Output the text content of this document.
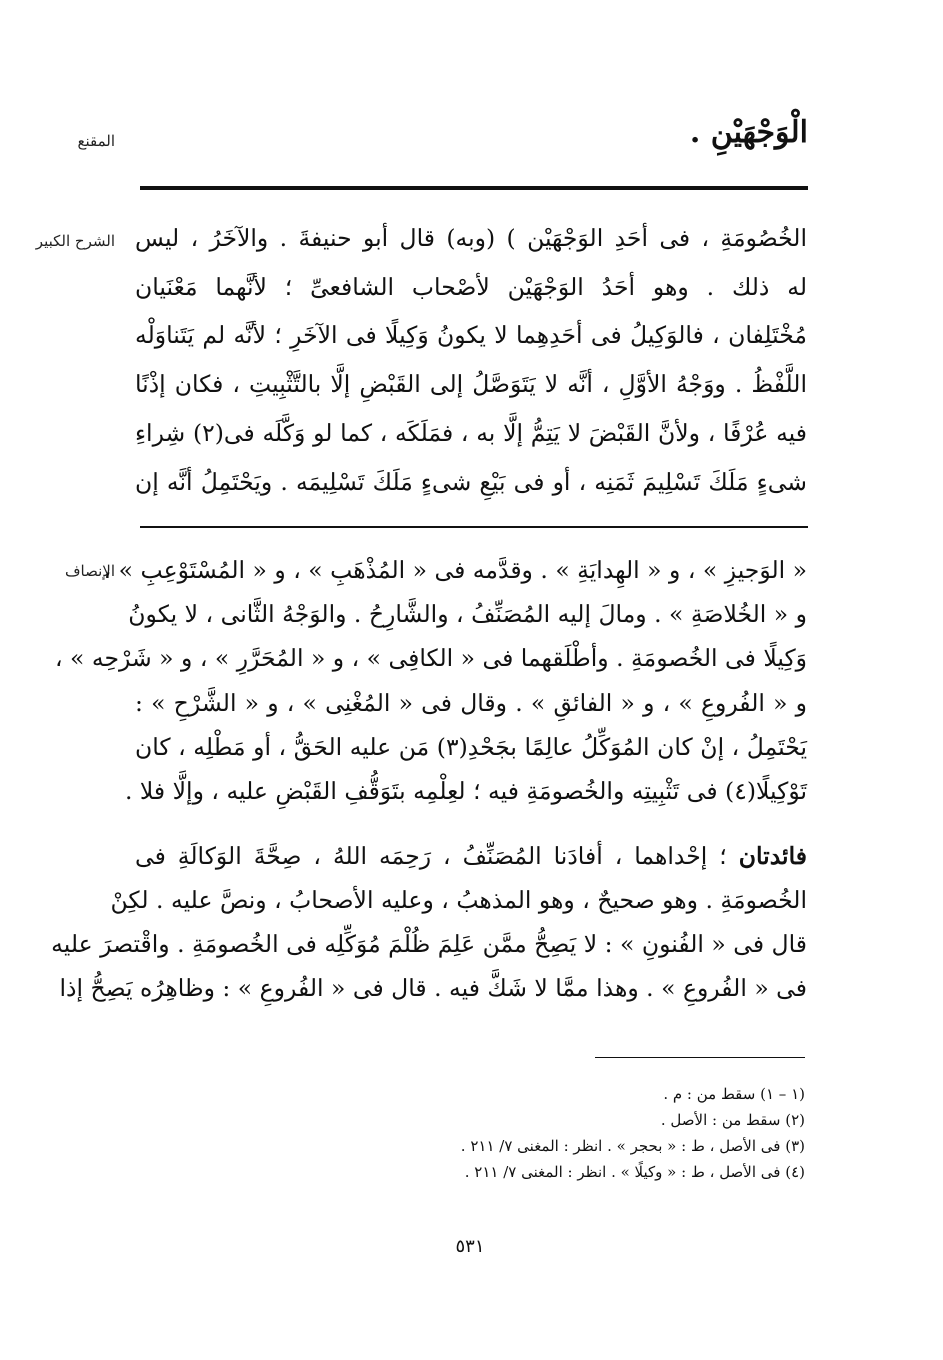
الْوَجْهَيْنِ .
المقنع
الشرح الكبير الخُصُومَةِ ، فى أحَدِ الوَجْهَيْن ) (وبه) قال أبو حنيفةَ . والآخَرُ ، ليس
له ذلك . وهو أحَدُ الوَجْهَيْن لأصْحاب الشافعىِّ ؛ لأنَّهما مَعْنَيان
مُخْتَلِفان ، فالوَكِيلُ فى أحَدِهِما لا يكونُ وَكِيلًا فى الآخَرِ ؛ لأنَّه لم يَتَناوَلْه
اللَّفْظُ . ووَجْهُ الأوَّلِ ، أنَّه لا يَتَوَصَّلُ إلى القَبْضِ إلَّا بالتَّثْبِيتِ ، فكان إذْنًا
فيه عُرْفًا ، ولأنَّ القَبْضَ لا يَتِمُّ إلَّا به ، فمَلَكَه ، كما لو وَكَّلَه فى(٢) شِراءِ
شىءٍ مَلَكَ تَسْلِيمَ ثَمَنِه ، أو فى بَيْعِ شىءٍ مَلَكَ تَسْلِيمَه . ويَحْتَمِلُ أنَّه إن
الإنصاف
« الوَجيزِ » ، و « الهِدايَةِ » . وقدَّمه فى « المُذْهَبِ » ، و « المُسْتَوْعِبِ » ،
و « الخُلاصَةِ » . ومالَ إليه المُصَنِّفُ ، والشَّارِحُ . والوَجْهُ الثَّانى ، لا يكونُ
وَكِيلًا فى الخُصومَةِ . وأطْلَقهما فى « الكافِى » ، و « المُحَرَّرِ » ، و « شَرْحِه » ،
و « الفُروعِ » ، و « الفائقِ » . وقال فى « المُغْنِى » ، و « الشَّرْحِ » :
يَحْتَمِلُ ، إنْ كان المُوَكِّلُ عالِمًا بجَحْدِ(٣) مَن عليه الحَقُّ ، أو مَطْلِه ، كان
تَوْكِيلًا(٤) فى تَثْبِيتِه والخُصومَةِ فيه ؛ لعِلْمِه بتَوَقُّفِ القَبْضِ عليه ، وإلَّا فلا .
فائدتان ؛ إحْداهما ، أفادَنا المُصَنِّفُ ، رَحِمَه اللهُ ، صِحَّةَ الوَكالَةِ فى
الخُصومَةِ . وهو صحيحٌ ، وهو المذهبُ ، وعليه الأصحابُ ، ونصَّ عليه . لكِنْ
قال فى « الفُنونِ » : لا يَصِحُّ ممَّن عَلِمَ ظُلْمَ مُوَكِّلِه فى الخُصومَةِ . واقْتصرَ عليه
فى « الفُروعِ » . وهذا ممَّا لا شَكَّ فيه . قال فى « الفُروعِ » : وظاهِرُه يَصِحُّ إذا
(١ – ١) سقط من : م .
(٢) سقط من : الأصل .
(٣) فى الأصل ، ط : « بحجر » . انظر : المغنى ٧/ ٢١١ .
(٤) فى الأصل ، ط : « وكيلًا » . انظر : المغنى ٧/ ٢١١ .
٥٣١
